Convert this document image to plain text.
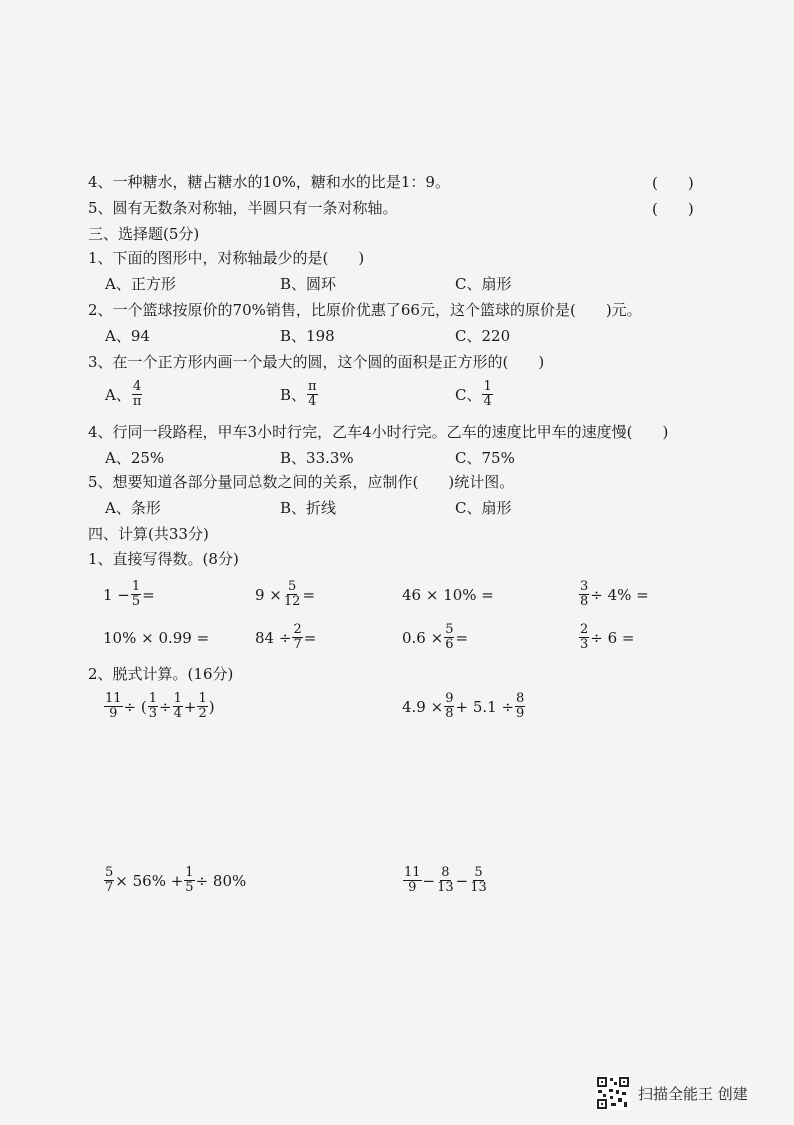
4、一种糖水，糖占糖水的10%，糖和水的比是1：9。	(　　)
5、圆有无数条对称轴，半圆只有一条对称轴。	(　　)
三、选择题(5分)
1、下面的图形中，对称轴最少的是(　　)
A、正方形	B、圆环	C、扇形
2、一个篮球按原价的70%销售，比原价优惠了66元，这个篮球的原价是(　　)元。
A、94	B、198	C、220
3、在一个正方形内画一个最大的圆，这个圆的面积是正方形的(　　)
A、 $\frac{4}{\pi}$	B、 $\frac{\pi}{4}$	C、 $\frac{1}{4}$
4、行同一段路程，甲车3小时行完，乙车4小时行完。乙车的速度比甲车的速度慢(　　)
A、25%	B、33.3%	C、75%
5、想要知道各部分量同总数之间的关系，应制作(　　)统计图。
A、条形	B、折线	C、扇形
四、计算(共33分)
1、直接写得数。(8分)
$1 - \frac{1}{5}$ =	$9 \times \frac{5}{12}$ =	46 × 10% =	$\frac{3}{8} \div 4\%$ =
10% × 0.99 =	$84 \div \frac{2}{7}$ =	$0.6 \times \frac{5}{6}$ =	$\frac{2}{3} \div 6$ =
2、脱式计算。(16分)
$\frac{11}{9}$ ÷ ( $\frac{1}{3} \div \frac{1}{4} + \frac{1}{2}$ )	$4.9 \times \frac{9}{8} + 5.1 \div \frac{8}{9}$
$\frac{5}{7} \times 56\% + \frac{1}{5} \div 80\%$	$\frac{11}{9} - \frac{8}{13} - \frac{5}{13}$
扫描全能王 创建
